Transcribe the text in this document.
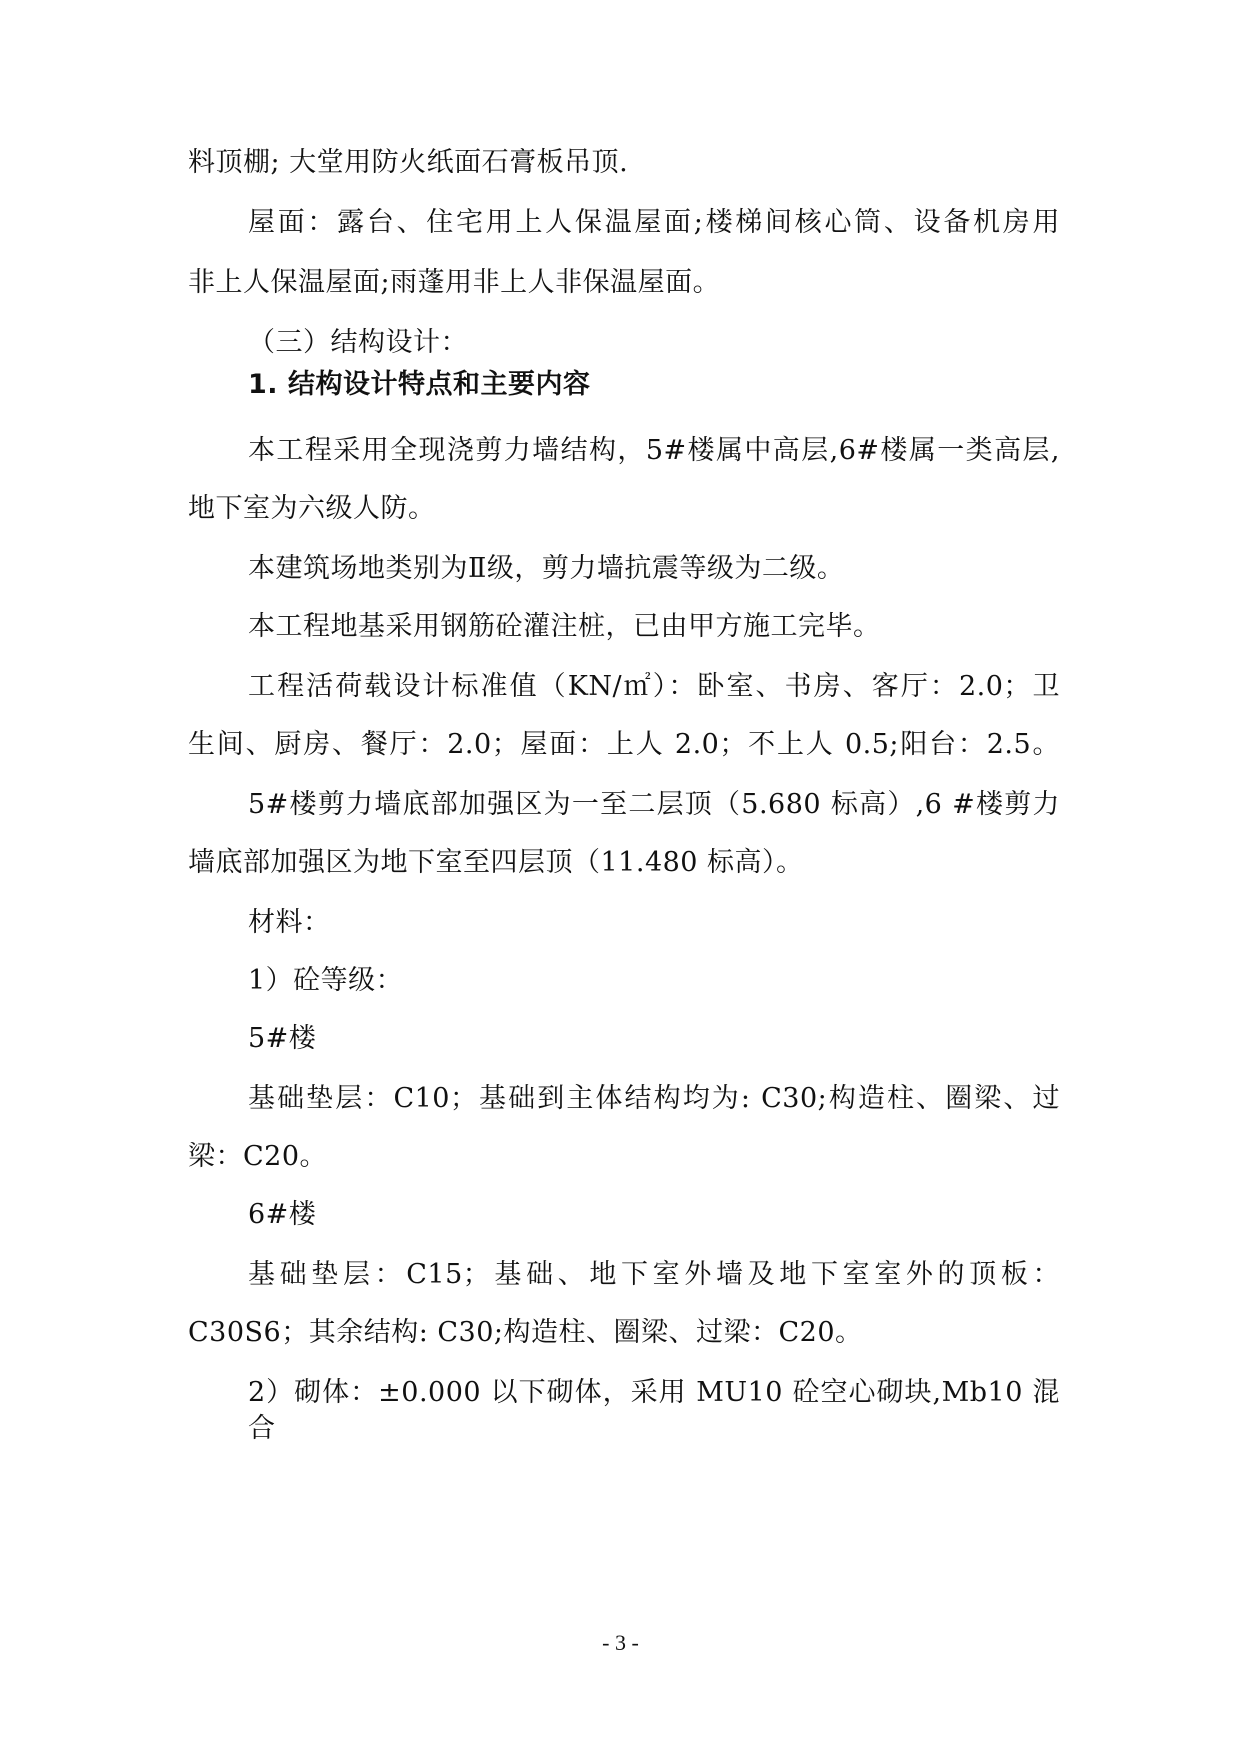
料顶棚; 大堂用防火纸面石膏板吊顶.
屋面：露台、住宅用上人保温屋面;楼梯间核心筒、设备机房用
非上人保温屋面;雨蓬用非上人非保温屋面。
（三）结构设计：
1. 结构设计特点和主要内容
本工程采用全现浇剪力墙结构，5#楼属中高层,6#楼属一类高层,
地下室为六级人防。
本建筑场地类别为Ⅱ级，剪力墙抗震等级为二级。
本工程地基采用钢筋砼灌注桩，已由甲方施工完毕。
工程活荷载设计标准值（KN/㎡）：卧室、书房、客厅：2.0；卫
生间、厨房、餐厅：2.0；屋面：上人 2.0；不上人 0.5;阳台：2.5。
5#楼剪力墙底部加强区为一至二层顶（5.680 标高）,6 #楼剪力
墙底部加强区为地下室至四层顶（11.480 标高）。
材料：
1）砼等级：
5#楼
基础垫层：C10；基础到主体结构均为: C30;构造柱、圈梁、过
梁：C20。
6#楼
基础垫层：C15；基础、地下室外墙及地下室室外的顶板：
C30S6；其余结构: C30;构造柱、圈梁、过梁：C20。
2）砌体：±0.000 以下砌体，采用 MU10 砼空心砌块,Mb10 混合
- 3 -
